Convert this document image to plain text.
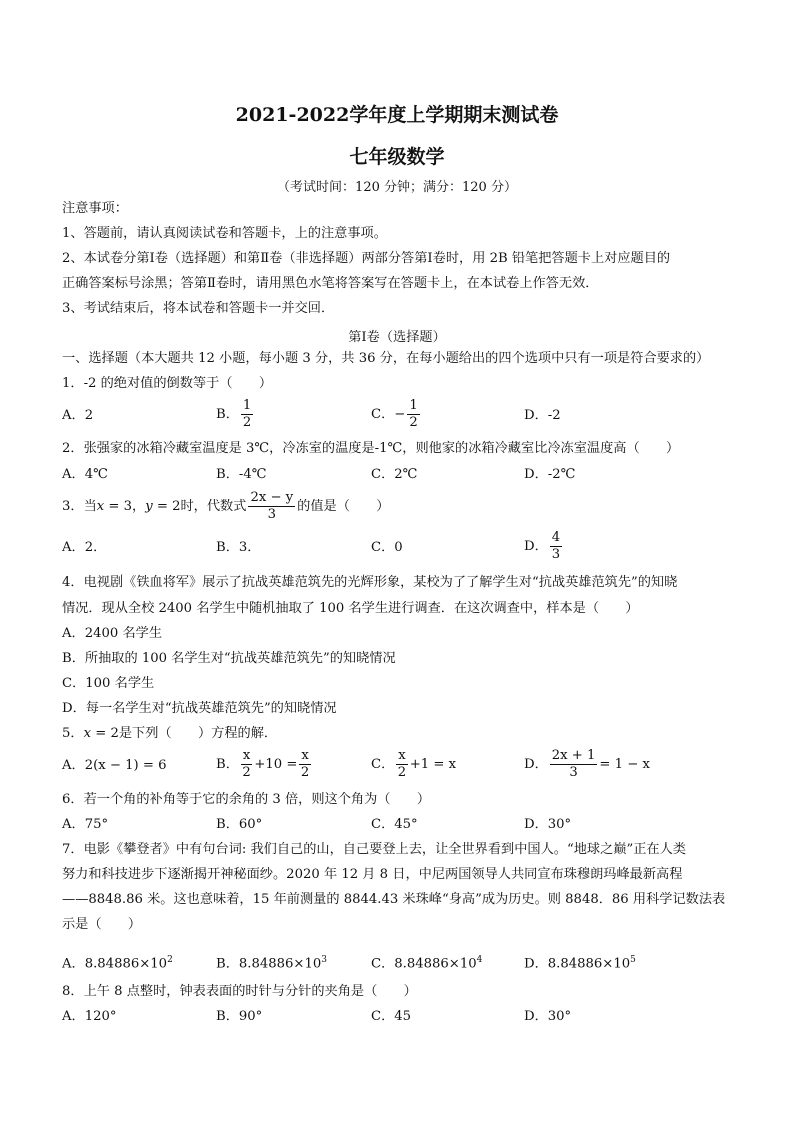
2021-2022学年度上学期期末测试卷
七年级数学
（考试时间：120 分钟；满分：120 分）
注意事项：
1、答题前，请认真阅读试卷和答题卡，上的注意事项。
2、本试卷分第Ⅰ卷（选择题）和第Ⅱ卷（非选择题）两部分答第Ⅰ卷时，用 2B 铅笔把答题卡上对应题目的
正确答案标号涂黑；答第Ⅱ卷时，请用黑色水笔将答案写在答题卡上，在本试卷上作答无效．
3、考试结束后，将本试卷和答题卡一并交回．
第Ⅰ卷（选择题）
一、选择题（本大题共 12 小题，每小题 3 分，共 36 分，在每小题给出的四个选项中只有一项是符合要求的）
1．-2 的绝对值的倒数等于（　　）
A．2	B． $\frac{1}{2}$	C．− $\frac{1}{2}$	D．-2
2．张强家的冰箱冷藏室温度是 3℃，冷冻室的温度是-1℃，则他家的冰箱冷藏室比冷冻室温度高（　　）
A．4℃	B．-4℃	C．2℃	D．-2℃
3．当x = 3，y = 2时，代数式 $\frac{2x - y}{3}$ 的值是（　　）
A．2．	B．3．	C．0	D． $\frac{4}{3}$
4．电视剧《铁血将军》展示了抗战英雄范筑先的光辉形象，某校为了了解学生对“抗战英雄范筑先”的知晓
情况．现从全校 2400 名学生中随机抽取了 100 名学生进行调查．在这次调查中，样本是（　　）
A．2400 名学生
B．所抽取的 100 名学生对“抗战英雄范筑先”的知晓情况
C．100 名学生
D．每一名学生对“抗战英雄范筑先”的知晓情况
5．x = 2是下列（　　）方程的解．
A．2(x − 1) = 6	B． $\frac{x}{2} +10 = \frac{x}{2}$	C． $\frac{x}{2} +1 = x$	D． $\frac{2x + 1}{3} = 1 - x$
6．若一个角的补角等于它的余角的 3 倍，则这个角为（　　）
A．75°	B．60°	C．45°	D．30°
7．电影《攀登者》中有句台词: 我们自己的山，自己要登上去，让全世界看到中国人。“地球之巅”正在人类
努力和科技进步下逐渐揭开神秘面纱。2020 年 12 月 8 日，中尼两国领导人共同宣布珠穆朗玛峰最新高程
——8848.86 米。这也意味着，15 年前测量的 8844.43 米珠峰“身高”成为历史。则 8848．86 用科学记数法表
示是（　　）
A．$8.84886\times 10^2$	B．$8.84886\times 10^3$	C．$8.84886\times 10^4$	D．$8.84886\times 10^5$
8．上午 8 点整时，钟表表面的时针与分针的夹角是（　　）
A．120°	B．90°	C．45	D．30°
